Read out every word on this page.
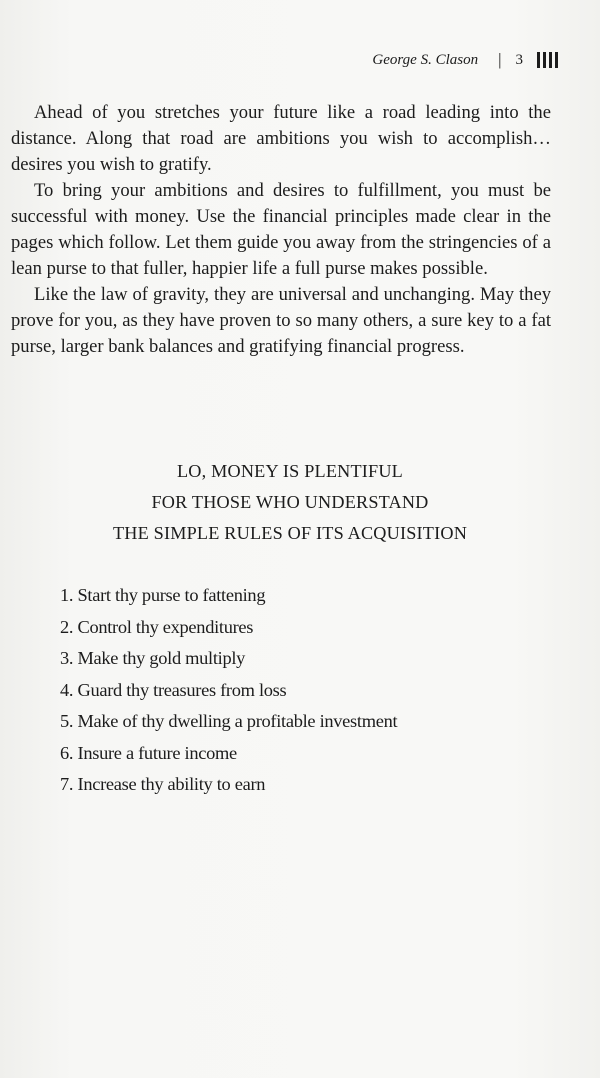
George S. Clason | 3

Ahead of you stretches your future like a road leading into the distance. Along that road are ambitions you wish to accomplish…desires you wish to gratify.

To bring your ambitions and desires to fulfillment, you must be successful with money. Use the financial principles made clear in the pages which follow. Let them guide you away from the stringencies of a lean purse to that fuller, happier life a full purse makes possible.

Like the law of gravity, they are universal and unchanging. May they prove for you, as they have proven to so many others, a sure key to a fat purse, larger bank balances and gratifying financial progress.

LO, MONEY IS PLENTIFUL
FOR THOSE WHO UNDERSTAND
THE SIMPLE RULES OF ITS ACQUISITION
1. Start thy purse to fattening
2. Control thy expenditures
3. Make thy gold multiply
4. Guard thy treasures from loss
5. Make of thy dwelling a profitable investment
6. Insure a future income
7. Increase thy ability to earn
